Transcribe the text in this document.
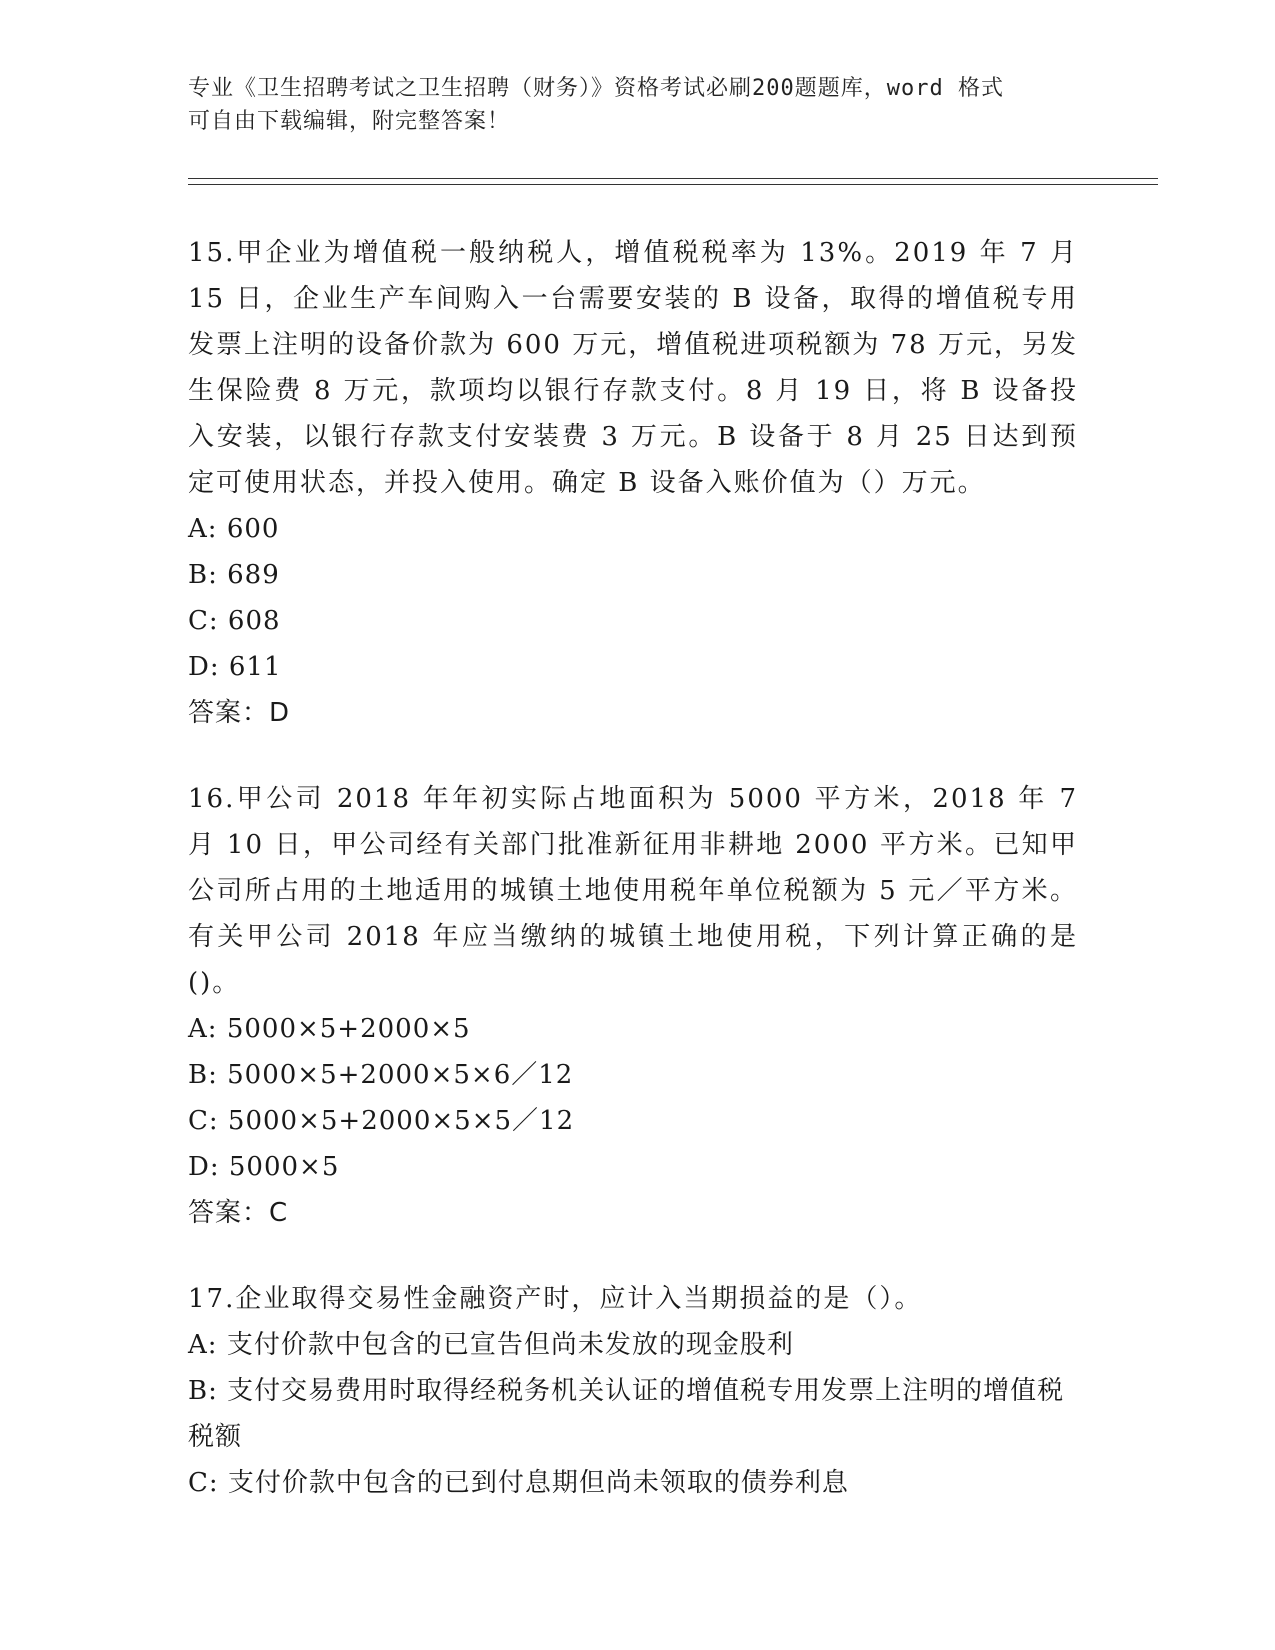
专业《卫生招聘考试之卫生招聘（财务）》资格考试必刷200题题库，word 格式
可自由下载编辑，附完整答案！

15.甲企业为增值税一般纳税人，增值税税率为 13%。2019 年 7 月 15 日，企业生产车间购入一台需要安装的 B 设备，取得的增值税专用发票上注明的设备价款为 600 万元，增值税进项税额为 78 万元，另发生保险费 8 万元，款项均以银行存款支付。8 月 19 日，将 B 设备投入安装，以银行存款支付安装费 3 万元。B 设备于 8 月 25 日达到预定可使用状态，并投入使用。确定 B 设备入账价值为（）万元。

A: 600

B: 689

C: 608

D: 611

答案：D

16.甲公司 2018 年年初实际占地面积为 5000 平方米，2018 年 7 月 10 日，甲公司经有关部门批准新征用非耕地 2000 平方米。已知甲公司所占用的土地适用的城镇土地使用税年单位税额为 5 元／平方米。有关甲公司 2018 年应当缴纳的城镇土地使用税，下列计算正确的是()。

A: 5000×5+2000×5

B: 5000×5+2000×5×6／12

C: 5000×5+2000×5×5／12

D: 5000×5

答案：C

17.企业取得交易性金融资产时，应计入当期损益的是（）。

A: 支付价款中包含的已宣告但尚未发放的现金股利

B: 支付交易费用时取得经税务机关认证的增值税专用发票上注明的增值税税额

C: 支付价款中包含的已到付息期但尚未领取的债券利息
